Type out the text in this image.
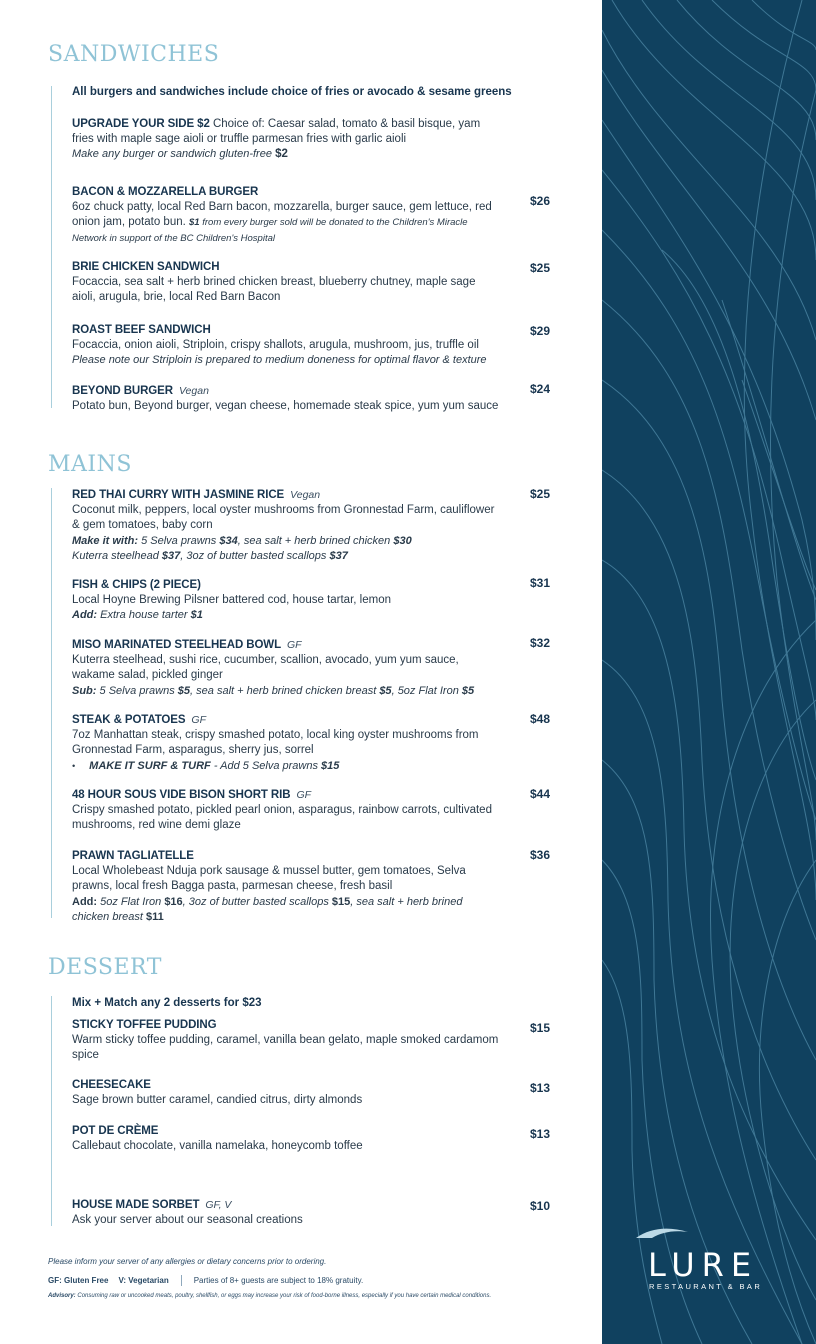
SANDWICHES
All burgers and sandwiches include choice of fries or avocado & sesame greens
UPGRADE YOUR SIDE $2 Choice of: Caesar salad, tomato & basil bisque, yam fries with maple sage aioli or truffle parmesan fries with garlic aioli
Make any burger or sandwich gluten-free $2
BACON & MOZZARELLA BURGER
6oz chuck patty, local Red Barn bacon, mozzarella, burger sauce, gem lettuce, red onion jam, potato bun. $1 from every burger sold will be donated to the Children's Miracle Network in support of the BC Children's Hospital
$26
BRIE CHICKEN SANDWICH
Focaccia, sea salt + herb brined chicken breast, blueberry chutney, maple sage aioli, arugula, brie, local Red Barn Bacon
$25
ROAST BEEF SANDWICH
Focaccia, onion aioli, Striploin, crispy shallots, arugula, mushroom, jus, truffle oil
Please note our Striploin is prepared to medium doneness for optimal flavor & texture
$29
BEYOND BURGER Vegan
Potato bun, Beyond burger, vegan cheese, homemade steak spice, yum yum sauce
$24
MAINS
RED THAI CURRY WITH JASMINE RICE Vegan
Coconut milk, peppers, local oyster mushrooms from Gronnestad Farm, cauliflower & gem tomatoes, baby corn
Make it with: 5 Selva prawns $34, sea salt + herb brined chicken $30
Kuterra steelhead $37, 3oz of butter basted scallops $37
$25
FISH & CHIPS (2 PIECE)
Local Hoyne Brewing Pilsner battered cod, house tartar, lemon
Add: Extra house tarter $1
$31
MISO MARINATED STEELHEAD BOWL GF
Kuterra steelhead, sushi rice, cucumber, scallion, avocado, yum yum sauce, wakame salad, pickled ginger
Sub: 5 Selva prawns $5, sea salt + herb brined chicken breast $5, 5oz Flat Iron $5
$32
STEAK & POTATOES GF
7oz Manhattan steak, crispy smashed potato, local king oyster mushrooms from Gronnestad Farm, asparagus, sherry jus, sorrel
• MAKE IT SURF & TURF - Add 5 Selva prawns $15
$48
48 HOUR SOUS VIDE BISON SHORT RIB GF
Crispy smashed potato, pickled pearl onion, asparagus, rainbow carrots, cultivated mushrooms, red wine demi glaze
$44
PRAWN TAGLIATELLE
Local Wholebeast Nduja pork sausage & mussel butter, gem tomatoes, Selva prawns, local fresh Bagga pasta, parmesan cheese, fresh basil
Add: 5oz Flat Iron $16, 3oz of butter basted scallops $15, sea salt + herb brined chicken breast $11
$36
DESSERT
Mix + Match any 2 desserts for $23
STICKY TOFFEE PUDDING
Warm sticky toffee pudding, caramel, vanilla bean gelato, maple smoked cardamom spice
$15
CHEESECAKE
Sage brown butter caramel, candied citrus, dirty almonds
$13
POT DE CRÈME
Callebaut chocolate, vanilla namelaka, honeycomb toffee
$13
HOUSE MADE SORBET GF, V
Ask your server about our seasonal creations
$10
Please inform your server of any allergies or dietary concerns prior to ordering.
GF: Gluten Free V: Vegetarian	Parties of 8+ guests are subject to 18% gratuity.
Advisory: Consuming raw or uncooked meats, poultry, shellfish, or eggs may increase your risk of food-borne illness, especially if you have certain medical conditions.
LURE
RESTAURANT & BAR
